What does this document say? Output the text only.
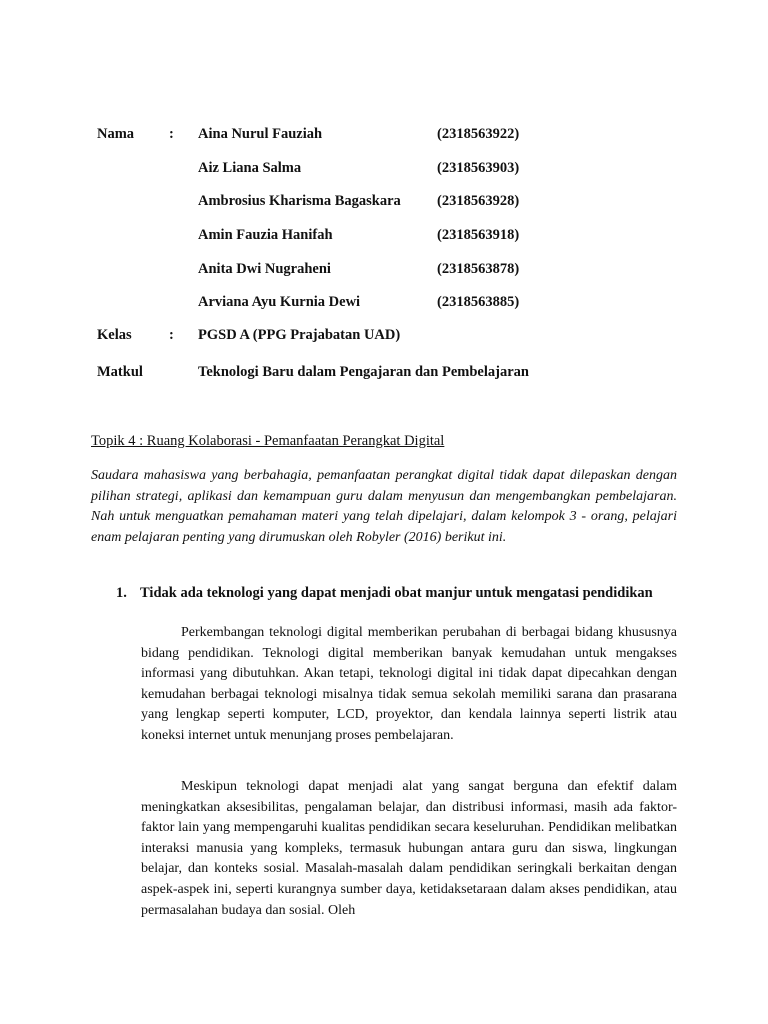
Nama : Aina Nurul Fauziah	(2318563922)
Aiz Liana Salma	(2318563903)
Ambrosius Kharisma Bagaskara (2318563928)
Amin Fauzia Hanifah	(2318563918)
Anita Dwi Nugraheni	(2318563878)
Arviana Ayu Kurnia Dewi	(2318563885)
Kelas	: PGSD A (PPG Prajabatan UAD)
Matkul	Teknologi Baru dalam Pengajaran dan Pembelajaran
Topik 4 : Ruang Kolaborasi - Pemanfaatan Perangkat Digital

Saudara mahasiswa yang berbahagia, pemanfaatan perangkat digital tidak dapat dilepaskan dengan pilihan strategi, aplikasi dan kemampuan guru dalam menyusun dan mengembangkan pembelajaran. Nah untuk menguatkan pemahaman materi yang telah dipelajari, dalam kelompok 3 - orang, pelajari enam pelajaran penting yang dirumuskan oleh Robyler (2016) berikut ini.

1. Tidak ada teknologi yang dapat menjadi obat manjur untuk mengatasi pendidikan

Perkembangan teknologi digital memberikan perubahan di berbagai bidang khususnya bidang pendidikan. Teknologi digital memberikan banyak kemudahan untuk mengakses informasi yang dibutuhkan. Akan tetapi, teknologi digital ini tidak dapat dipecahkan dengan kemudahan berbagai teknologi misalnya tidak semua sekolah memiliki sarana dan prasarana yang lengkap seperti komputer, LCD, proyektor, dan kendala lainnya seperti listrik atau koneksi internet untuk menunjang proses pembelajaran.

Meskipun teknologi dapat menjadi alat yang sangat berguna dan efektif dalam meningkatkan aksesibilitas, pengalaman belajar, dan distribusi informasi, masih ada faktor-faktor lain yang mempengaruhi kualitas pendidikan secara keseluruhan. Pendidikan melibatkan interaksi manusia yang kompleks, termasuk hubungan antara guru dan siswa, lingkungan belajar, dan konteks sosial. Masalah-masalah dalam pendidikan seringkali berkaitan dengan aspek-aspek ini, seperti kurangnya sumber daya, ketidaksetaraan dalam akses pendidikan, atau permasalahan budaya dan sosial. Oleh
